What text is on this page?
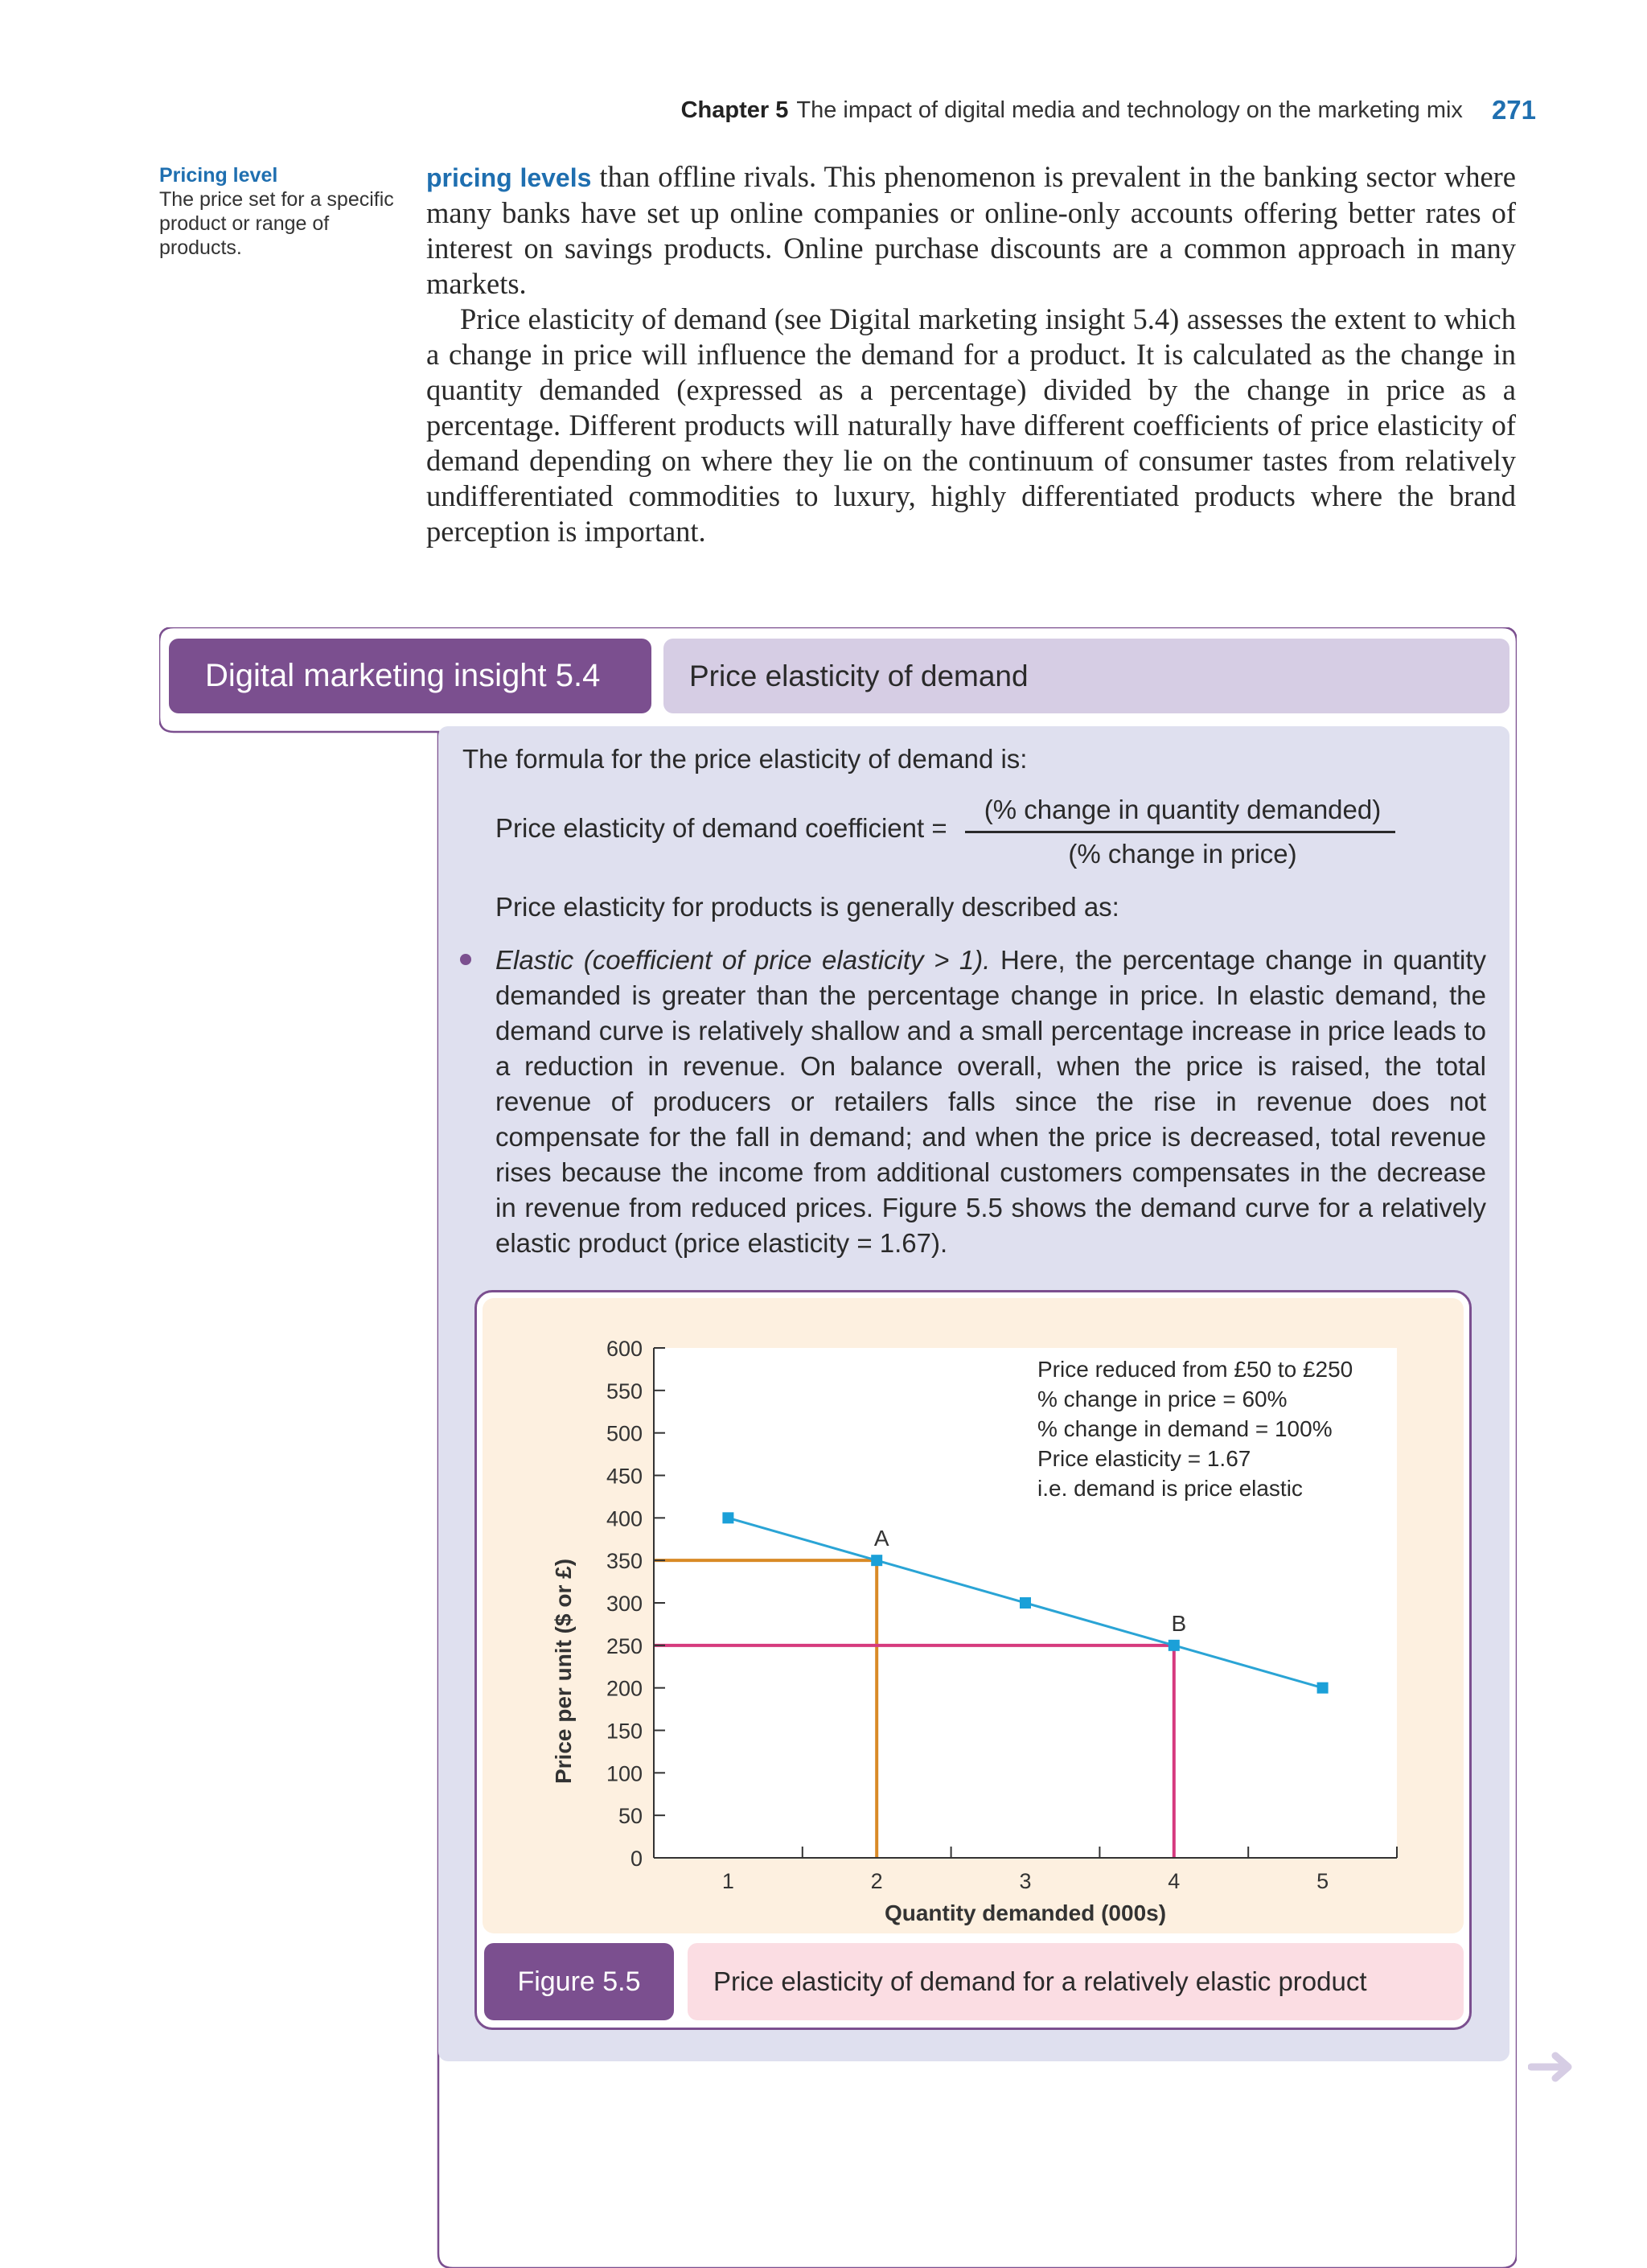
Chapter 5 The impact of digital media and technology on the marketing mix 271
Pricing level
The price set for a specific product or range of products.

pricing levels than offline rivals. This phenomenon is prevalent in the banking sector where many banks have set up online companies or online-only accounts offering better rates of interest on savings products. Online purchase discounts are a common approach in many markets.

Price elasticity of demand (see Digital marketing insight 5.4) assesses the extent to which a change in price will influence the demand for a product. It is calculated as the change in quantity demanded (expressed as a percentage) divided by the change in price as a percentage. Different products will naturally have different coefficients of price elasticity of demand depending on where they lie on the continuum of consumer tastes from relatively undifferentiated commodities to luxury, highly differentiated products where the brand perception is important.

Digital marketing insight 5.4	Price elasticity of demand
The formula for the price elasticity of demand is:
Price elasticity of demand coefficient =
(% change in quantity demanded)
(% change in price)
Price elasticity for products is generally described as:
Elastic (coefficient of price elasticity > 1). Here, the percentage change in quantity demanded is greater than the percentage change in price. In elastic demand, the demand curve is relatively shallow and a small percentage increase in price leads to a reduction in revenue. On balance overall, when the price is raised, the total revenue of producers or retailers falls since the rise in revenue does not compensate for the fall in demand; and when the price is decreased, total revenue rises because the income from additional customers compensates in the decrease in revenue from reduced prices. Figure 5.5 shows the demand curve for a relatively elastic product (price elasticity = 1.67).
0
50
100
150
200
250
300
350
400
450
500
550
600
1	2	3	4	5
Quantity demanded (000s)
Price per unit ($ or £)
A
B
Price reduced from £50 to £250
% change in price = 60%
% change in demand = 100%
Price elasticity = 1.67
i.e. demand is price elastic
Figure 5.5	Price elasticity of demand for a relatively elastic product
